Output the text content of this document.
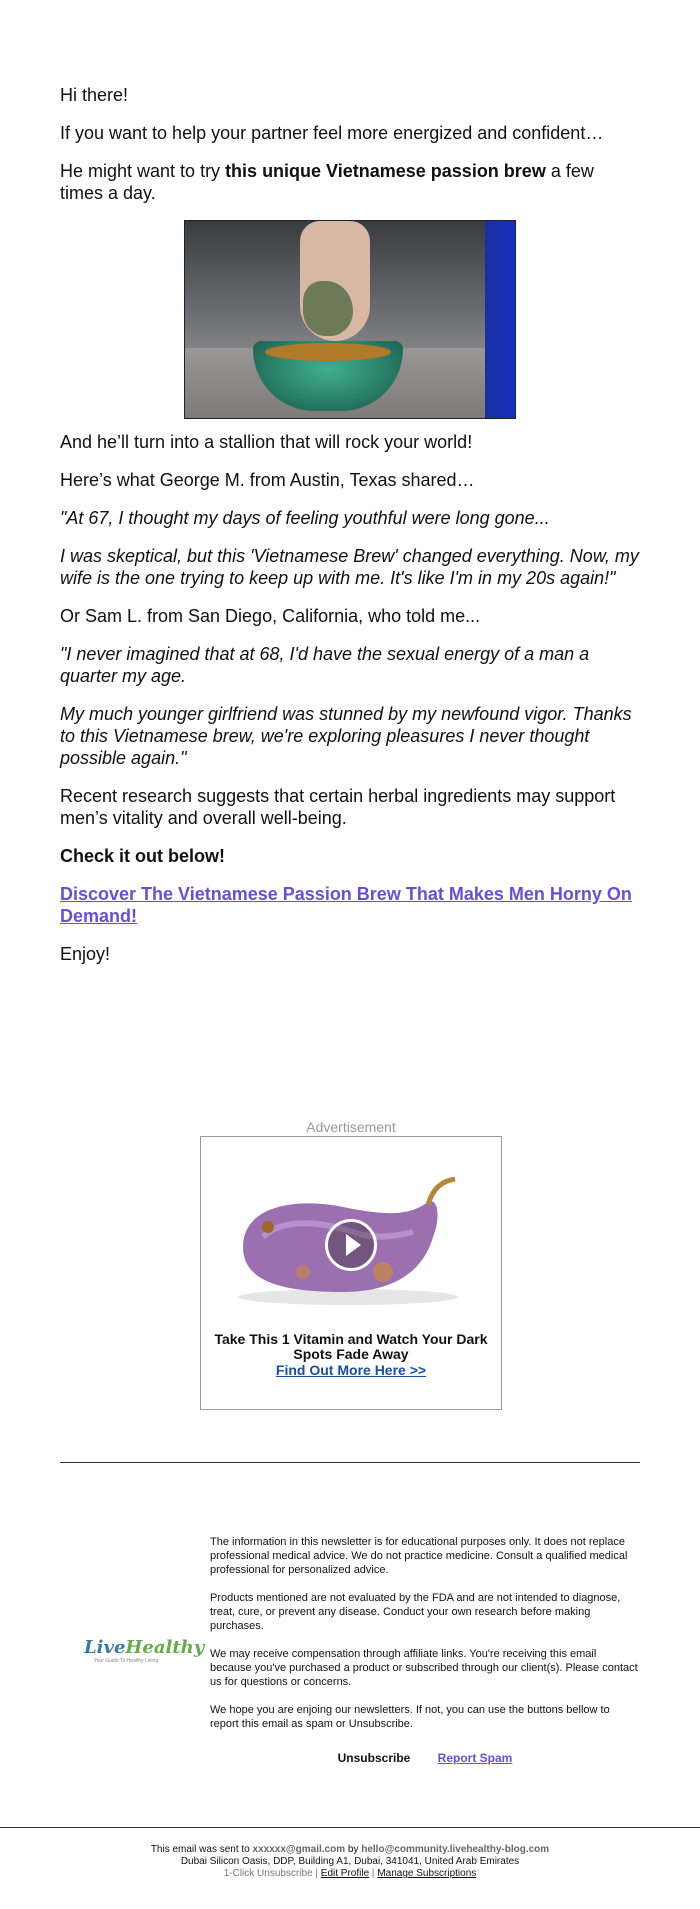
Hi there!

If you want to help your partner feel more energized and confident…

He might want to try this unique Vietnamese passion brew a few times a day.

And he’ll turn into a stallion that will rock your world!

Here’s what George M. from Austin, Texas shared…

"At 67, I thought my days of feeling youthful were long gone...

I was skeptical, but this 'Vietnamese Brew' changed everything. Now, my wife is the one trying to keep up with me. It's like I'm in my 20s again!"

Or Sam L. from San Diego, California, who told me...

"I never imagined that at 68, I'd have the sexual energy of a man a quarter my age.

My much younger girlfriend was stunned by my newfound vigor. Thanks to this Vietnamese brew, we're exploring pleasures I never thought possible again."

Recent research suggests that certain herbal ingredients may support men’s vitality and overall well-being.

Check it out below!

Discover The Vietnamese Passion Brew That Makes Men Horny On Demand!

Enjoy!

Advertisement
Take This 1 Vitamin and Watch Your Dark Spots Fade Away
Find Out More Here >>
LiveHealthy
Your Guide To Healthy Living

The information in this newsletter is for educational purposes only. It does not replace professional medical advice. We do not practice medicine. Consult a qualified medical professional for personalized advice.

Products mentioned are not evaluated by the FDA and are not intended to diagnose, treat, cure, or prevent any disease. Conduct your own research before making purchases.

We may receive compensation through affiliate links. You're receiving this email because you've purchased a product or subscribed through our client(s). Please contact us for questions or concerns.

We hope you are enjoing our newsletters. If not, you can use the buttons bellow to report this email as spam or Unsubscribe.

Unsubscribe Report Spam
This email was sent to xxxxxx@gmail.com by hello@community.livehealthy-blog.com
Dubai Silicon Oasis, DDP, Building A1, Dubai, 341041, United Arab Emirates
1-Click Unsubscribe | Edit Profile | Manage Subscriptions
